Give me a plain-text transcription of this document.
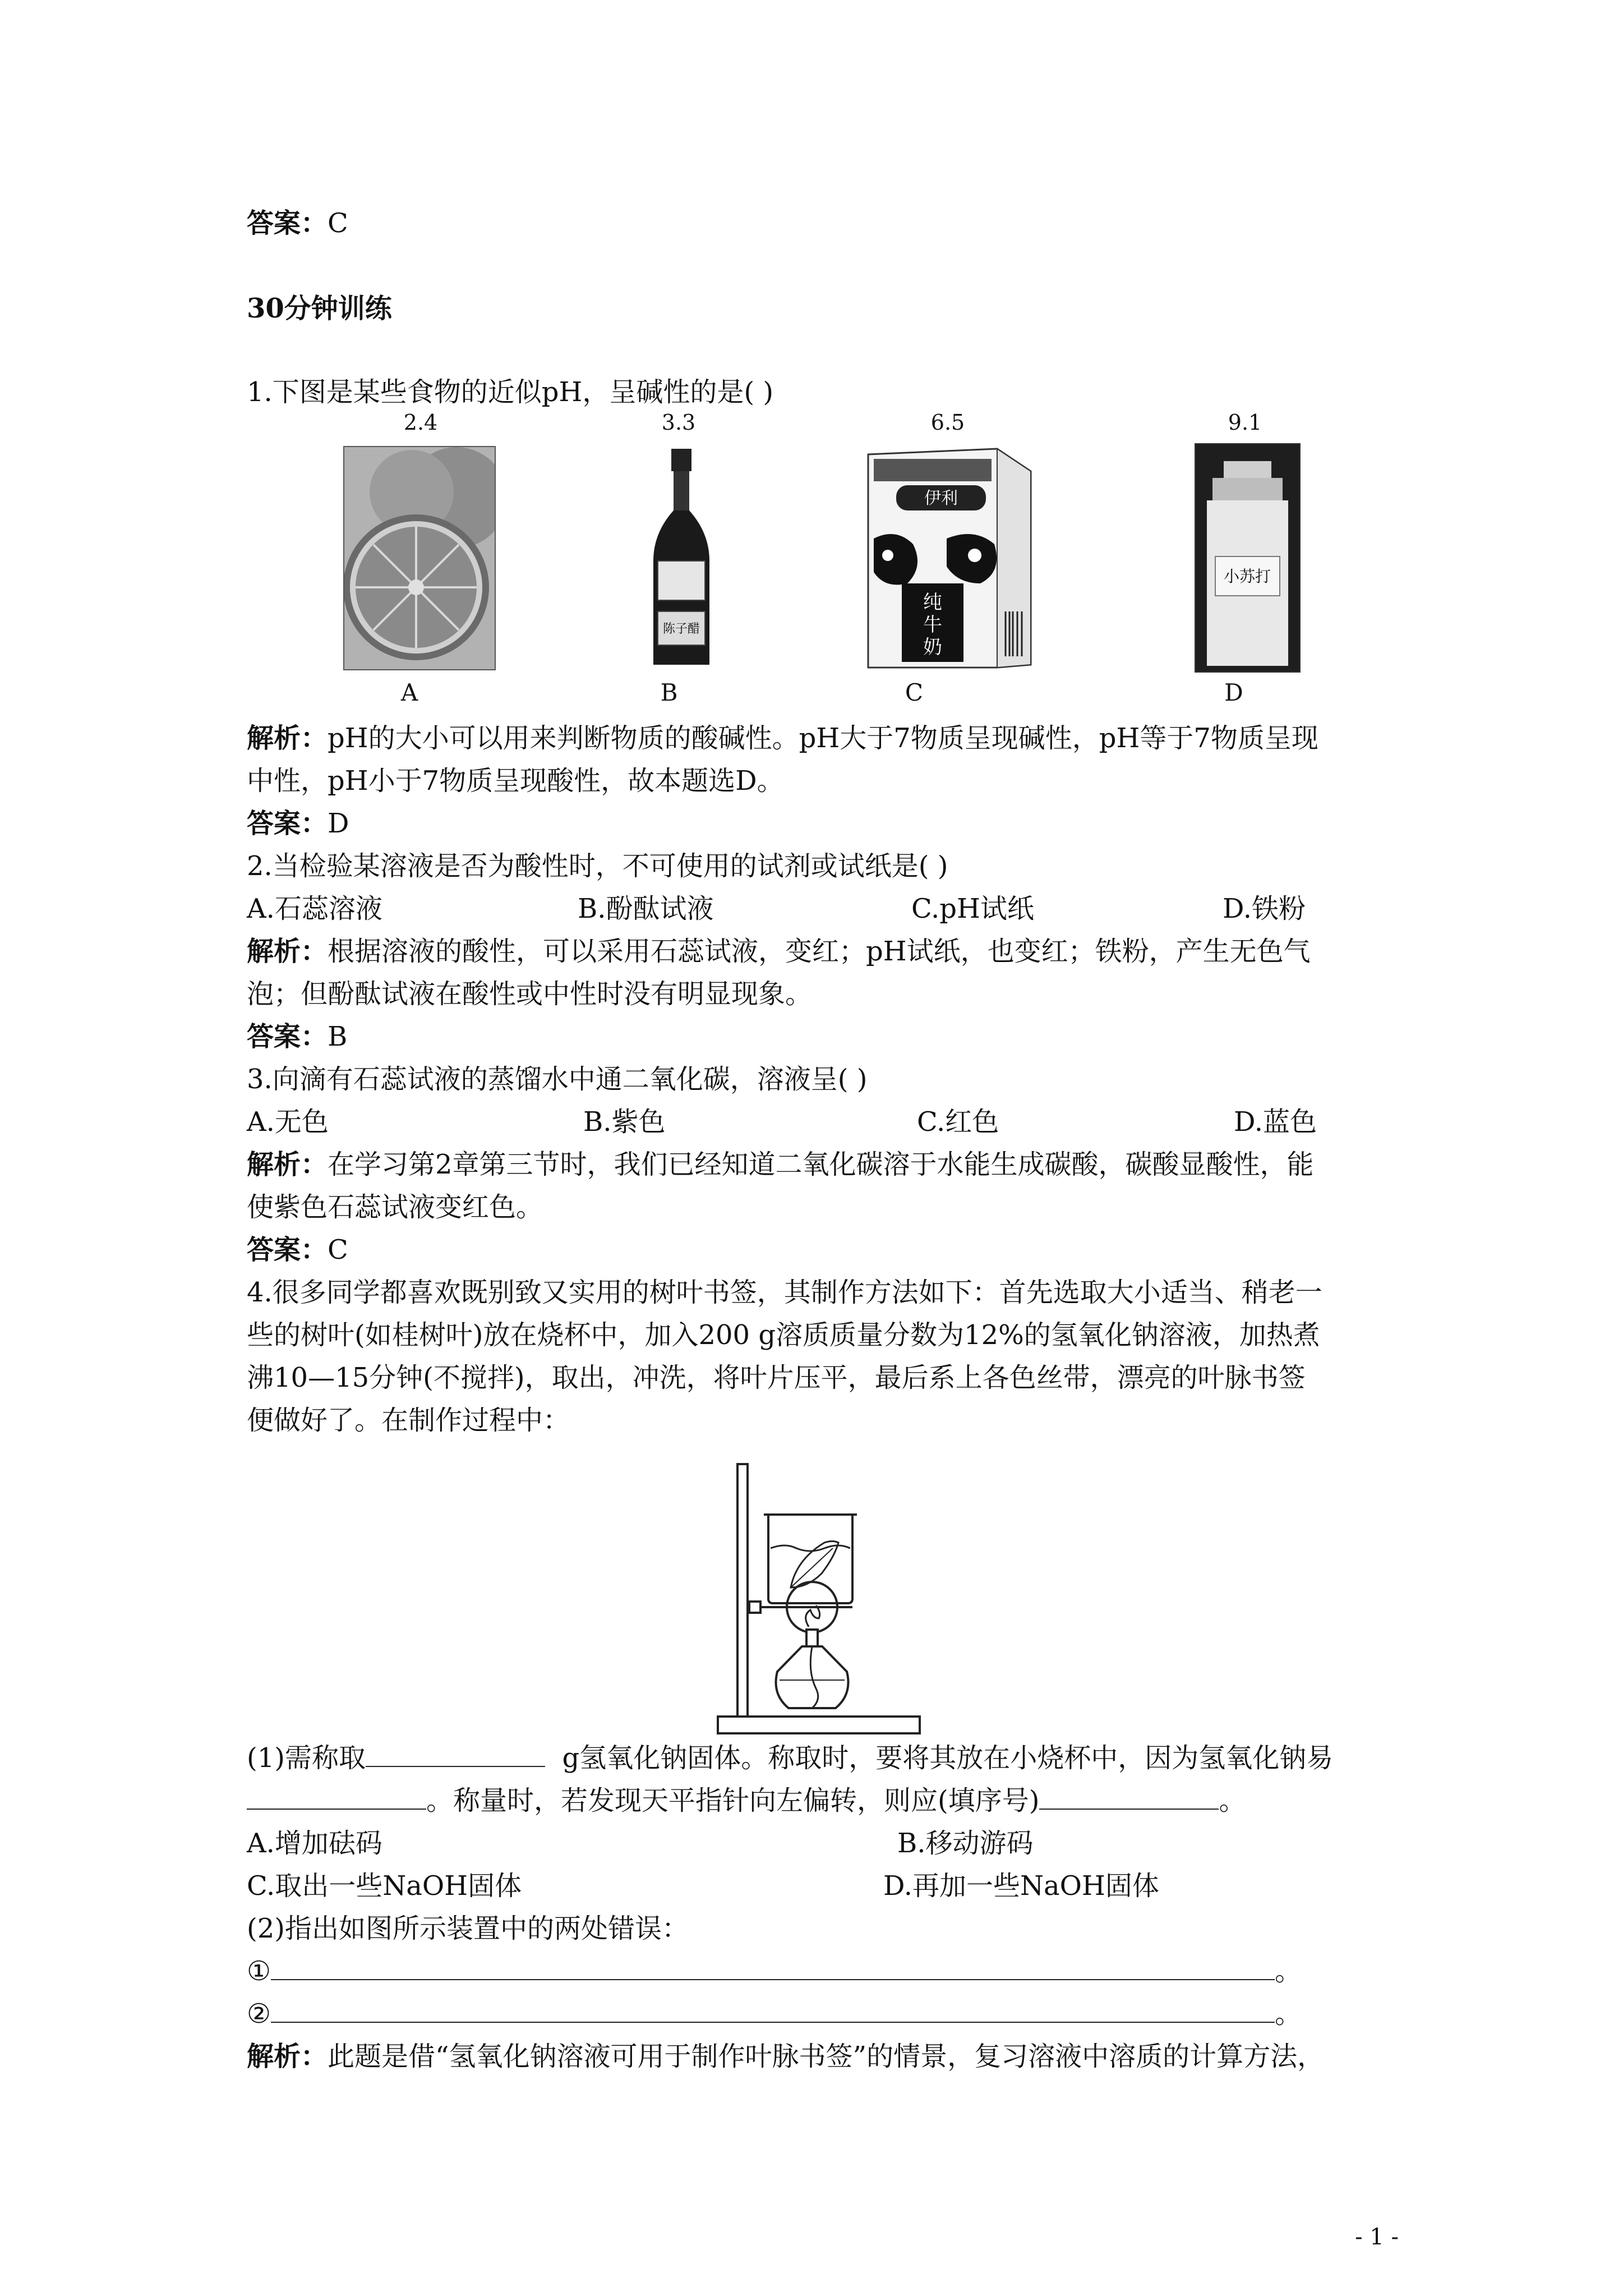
答案：C
30分钟训练
1.下图是某些食物的近似pH，呈碱性的是( )
2.4	3.3	6.5	9.1
陈子醋
伊利
纯
牛
奶
小苏打
A	B	C	D
解析：pH的大小可以用来判断物质的酸碱性。pH大于7物质呈现碱性，pH等于7物质呈现
中性，pH小于7物质呈现酸性，故本题选D。
答案：D
2.当检验某溶液是否为酸性时，不可使用的试剂或试纸是( )
A.石蕊溶液	B.酚酞试液	C.pH试纸	D.铁粉
解析：根据溶液的酸性，可以采用石蕊试液，变红；pH试纸，也变红；铁粉，产生无色气
泡；但酚酞试液在酸性或中性时没有明显现象。
答案：B
3.向滴有石蕊试液的蒸馏水中通二氧化碳，溶液呈( )
A.无色	B.紫色	C.红色	D.蓝色
解析：在学习第2章第三节时，我们已经知道二氧化碳溶于水能生成碳酸，碳酸显酸性，能
使紫色石蕊试液变红色。
答案：C
4.很多同学都喜欢既别致又实用的树叶书签，其制作方法如下：首先选取大小适当、稍老一
些的树叶(如桂树叶)放在烧杯中，加入200 g溶质质量分数为12%的氢氧化钠溶液，加热煮
沸10—15分钟(不搅拌)，取出，冲洗，将叶片压平，最后系上各色丝带，漂亮的叶脉书签
便做好了。在制作过程中：
(1)需称取	g氢氧化钠固体。称取时，要将其放在小烧杯中，因为氢氧化钠易
。称量时，若发现天平指针向左偏转，则应(填序号)	。
A.增加砝码	B.移动游码
C.取出一些NaOH固体	D.再加一些NaOH固体
(2)指出如图所示装置中的两处错误：
①	。
②	。
解析：此题是借“氢氧化钠溶液可用于制作叶脉书签”的情景，复习溶液中溶质的计算方法，
- 1 -
